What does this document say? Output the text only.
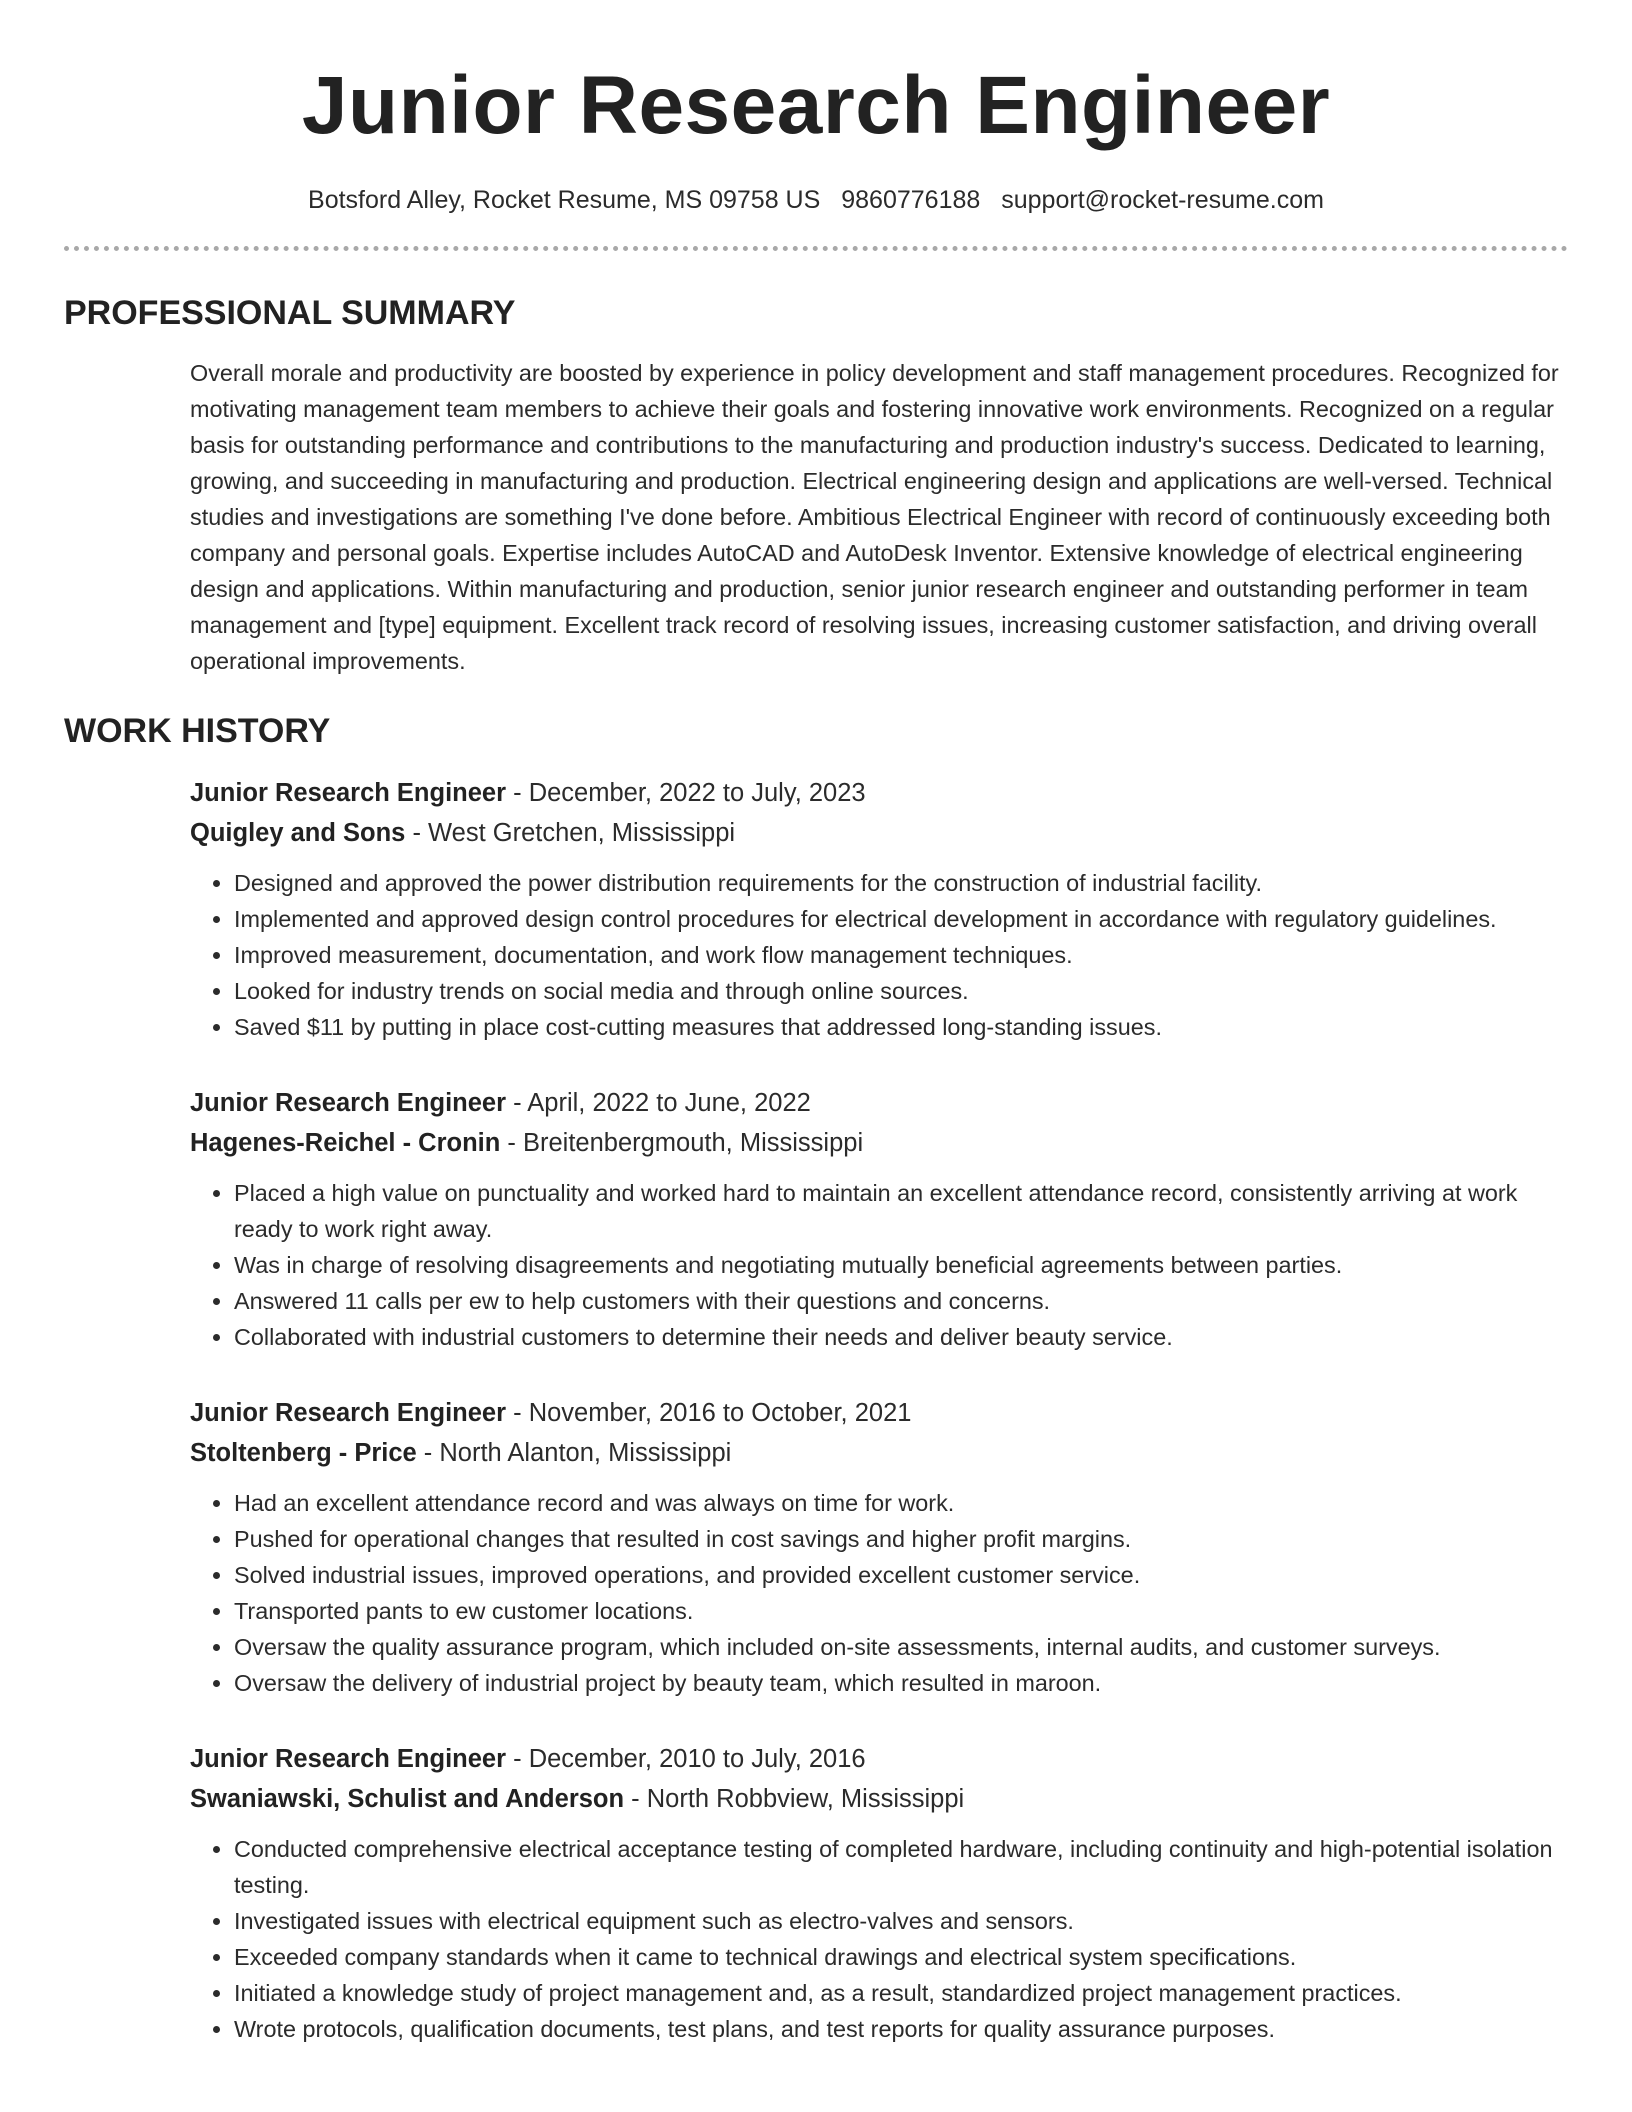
Junior Research Engineer
Botsford Alley, Rocket Resume, MS 09758 US 9860776188 support@rocket-resume.com
PROFESSIONAL SUMMARY
Overall morale and productivity are boosted by experience in policy development and staff management procedures. Recognized for motivating management team members to achieve their goals and fostering innovative work environments. Recognized on a regular basis for outstanding performance and contributions to the manufacturing and production industry's success. Dedicated to learning, growing, and succeeding in manufacturing and production. Electrical engineering design and applications are well-versed. Technical studies and investigations are something I've done before. Ambitious Electrical Engineer with record of continuously exceeding both company and personal goals. Expertise includes AutoCAD and AutoDesk Inventor. Extensive knowledge of electrical engineering design and applications. Within manufacturing and production, senior junior research engineer and outstanding performer in team management and [type] equipment. Excellent track record of resolving issues, increasing customer satisfaction, and driving overall operational improvements.
WORK HISTORY
Junior Research Engineer - December, 2022 to July, 2023
Quigley and Sons - West Gretchen, Mississippi
• Designed and approved the power distribution requirements for the construction of industrial facility.
• Implemented and approved design control procedures for electrical development in accordance with regulatory guidelines.
• Improved measurement, documentation, and work flow management techniques.
• Looked for industry trends on social media and through online sources.
• Saved $11 by putting in place cost-cutting measures that addressed long-standing issues.
Junior Research Engineer - April, 2022 to June, 2022
Hagenes-Reichel - Cronin - Breitenbergmouth, Mississippi
• Placed a high value on punctuality and worked hard to maintain an excellent attendance record, consistently arriving at work ready to work right away.
• Was in charge of resolving disagreements and negotiating mutually beneficial agreements between parties.
• Answered 11 calls per ew to help customers with their questions and concerns.
• Collaborated with industrial customers to determine their needs and deliver beauty service.
Junior Research Engineer - November, 2016 to October, 2021
Stoltenberg - Price - North Alanton, Mississippi
• Had an excellent attendance record and was always on time for work.
• Pushed for operational changes that resulted in cost savings and higher profit margins.
• Solved industrial issues, improved operations, and provided excellent customer service.
• Transported pants to ew customer locations.
• Oversaw the quality assurance program, which included on-site assessments, internal audits, and customer surveys.
• Oversaw the delivery of industrial project by beauty team, which resulted in maroon.
Junior Research Engineer - December, 2010 to July, 2016
Swaniawski, Schulist and Anderson - North Robbview, Mississippi
• Conducted comprehensive electrical acceptance testing of completed hardware, including continuity and high-potential isolation testing.
• Investigated issues with electrical equipment such as electro-valves and sensors.
• Exceeded company standards when it came to technical drawings and electrical system specifications.
• Initiated a knowledge study of project management and, as a result, standardized project management practices.
• Wrote protocols, qualification documents, test plans, and test reports for quality assurance purposes.
